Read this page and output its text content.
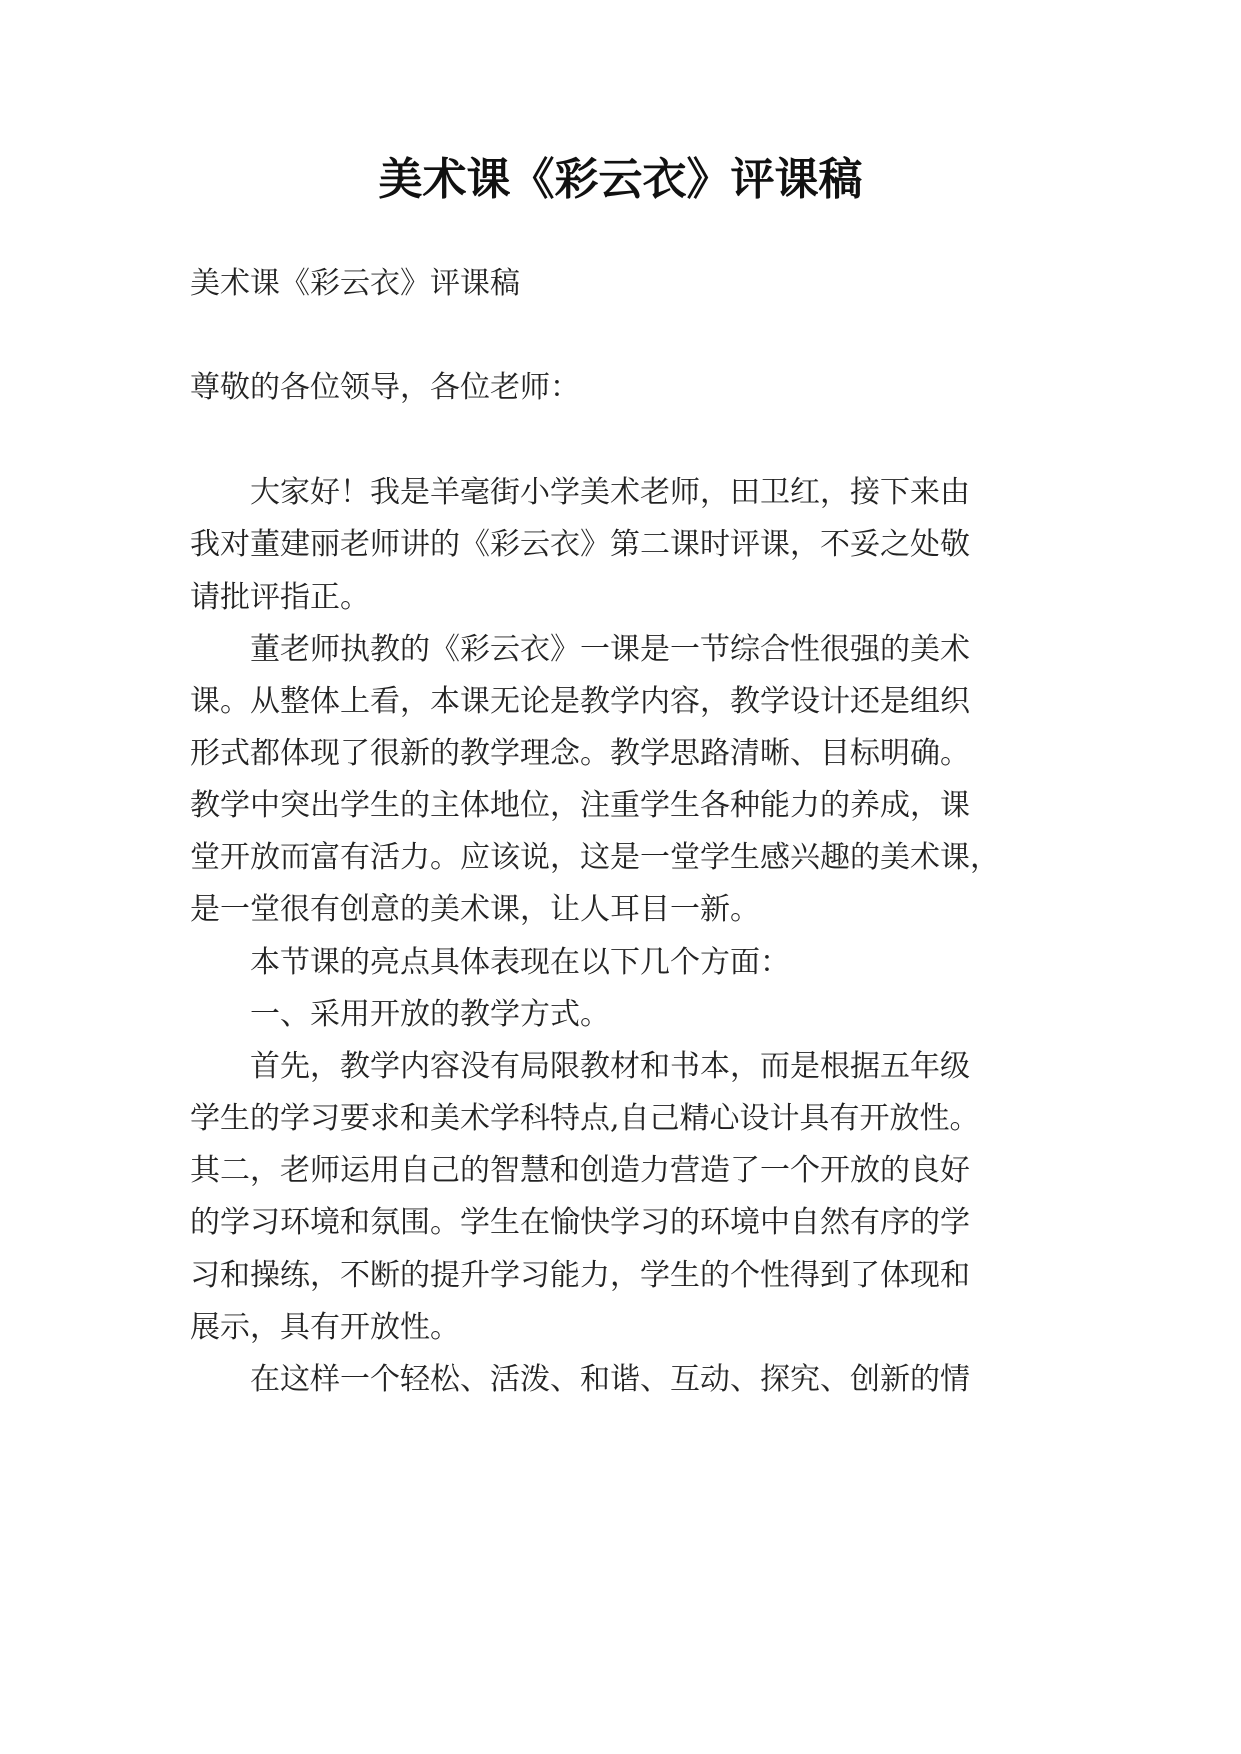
美术课《彩云衣》评课稿

美术课《彩云衣》评课稿

尊敬的各位领导，各位老师：

　　大家好！我是羊毫街小学美术老师，田卫红，接下来由

我对董建丽老师讲的《彩云衣》第二课时评课，不妥之处敬

请批评指正。

　　董老师执教的《彩云衣》一课是一节综合性很强的美术

课。从整体上看，本课无论是教学内容，教学设计还是组织

形式都体现了很新的教学理念。教学思路清晰、目标明确。

教学中突出学生的主体地位，注重学生各种能力的养成，课

堂开放而富有活力。应该说，这是一堂学生感兴趣的美术课，

是一堂很有创意的美术课，让人耳目一新。

　　本节课的亮点具体表现在以下几个方面：

　　一、采用开放的教学方式。

　　首先，教学内容没有局限教材和书本，而是根据五年级

学生的学习要求和美术学科特点,自己精心设计具有开放性。

其二，老师运用自己的智慧和创造力营造了一个开放的良好

的学习环境和氛围。学生在愉快学习的环境中自然有序的学

习和操练，不断的提升学习能力，学生的个性得到了体现和

展示，具有开放性。

　　在这样一个轻松、活泼、和谐、互动、探究、创新的情
